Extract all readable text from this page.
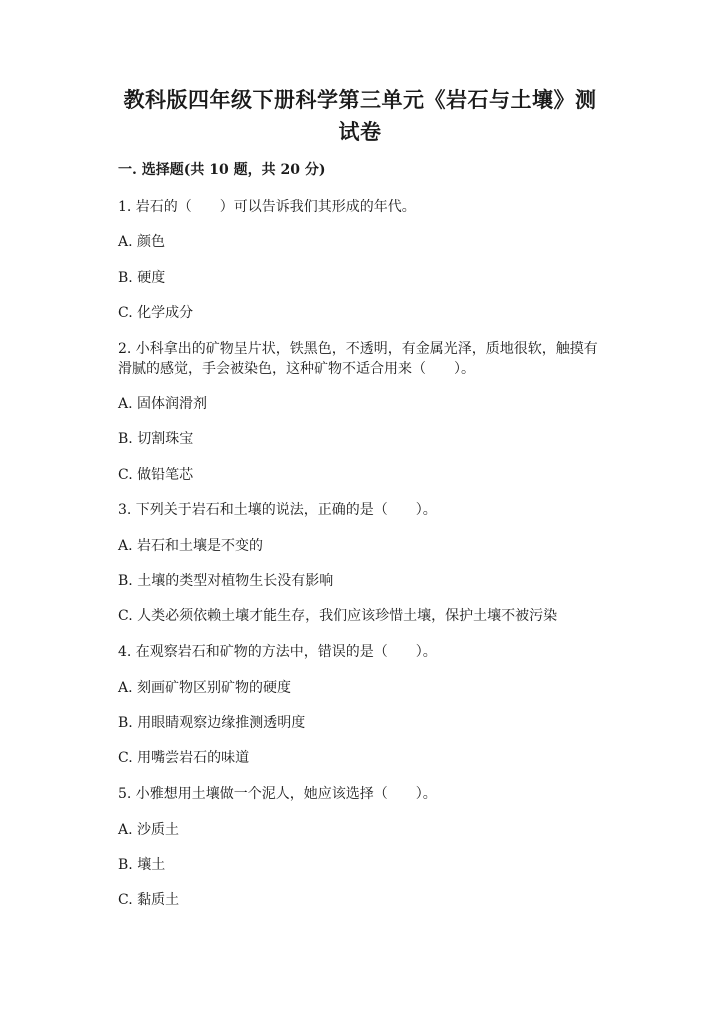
教科版四年级下册科学第三单元《岩石与土壤》测
试卷
一. 选择题(共 10 题，共 20 分)
1. 岩石的（　　）可以告诉我们其形成的年代。
A. 颜色
B. 硬度
C. 化学成分
2. 小科拿出的矿物呈片状，铁黑色，不透明，有金属光泽，质地很软，触摸有
滑腻的感觉，手会被染色，这种矿物不适合用来（　　）。
A. 固体润滑剂
B. 切割珠宝
C. 做铅笔芯
3. 下列关于岩石和土壤的说法，正确的是（　　）。
A. 岩石和土壤是不变的
B. 土壤的类型对植物生长没有影响
C. 人类必须依赖土壤才能生存，我们应该珍惜土壤，保护土壤不被污染
4. 在观察岩石和矿物的方法中，错误的是（　　）。
A. 刻画矿物区别矿物的硬度
B. 用眼睛观察边缘推测透明度
C. 用嘴尝岩石的味道
5. 小雅想用土壤做一个泥人，她应该选择（　　）。
A. 沙质土
B. 壤土
C. 黏质土
